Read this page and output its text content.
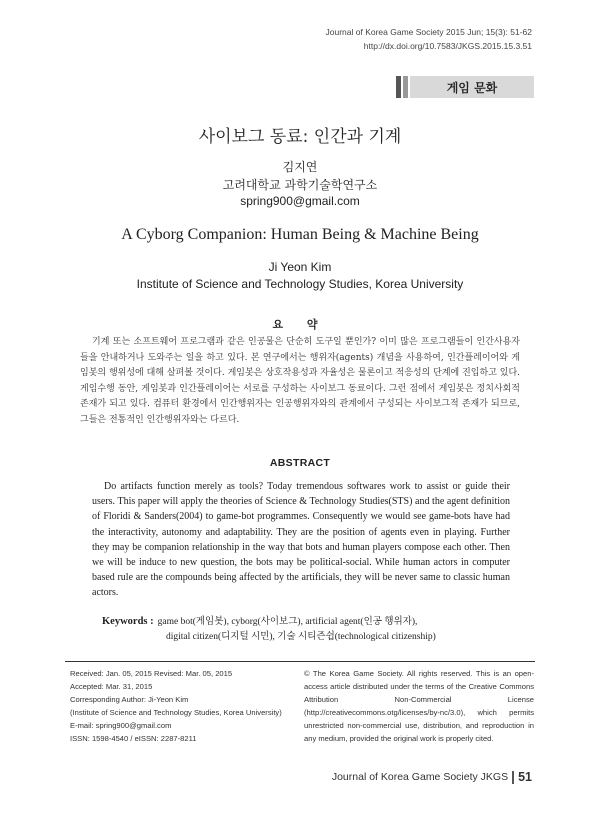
Journal of Korea Game Society 2015 Jun; 15(3): 51-62
http://dx.doi.org/10.7583/JKGS.2015.15.3.51
게임 문화
사이보그 동료: 인간과 기계
김지연
고려대학교 과학기술학연구소
spring900@gmail.com
A Cyborg Companion: Human Being & Machine Being
Ji Yeon Kim
Institute of Science and Technology Studies, Korea University
요 약
기계 또는 소프트웨어 프로그램과 같은 인공물은 단순히 도구일 뿐인가? 이미 많은 프로그램들이 인간사용자들을 안내하거나 도와주는 일을 하고 있다. 본 연구에서는 행위자(agents) 개념을 사용하여, 인간플레이어와 게임봇의 행위성에 대해 살펴볼 것이다. 게임봇은 상호작용성과 자율성은 물론이고 적응성의 단계에 진입하고 있다. 게임수행 동안, 게임봇과 인간플레이어는 서로를 구성하는 사이보그 동료이다. 그런 점에서 게임봇은 정치사회적 존재가 되고 있다. 컴퓨터 환경에서 인간행위자는 인공행위자와의 관계에서 구성되는 사이보그적 존재가 되므로, 그들은 전통적인 인간행위자와는 다르다.
ABSTRACT
Do artifacts function merely as tools? Today tremendous softwares work to assist or guide their users. This paper will apply the theories of Science & Technology Studies(STS) and the agent definition of Floridi & Sanders(2004) to game-bot programmes. Consequently we would see game-bots have had the interactivity, autonomy and adaptability. They are the position of agents even in playing. Further they may be companion relationship in the way that bots and human players compose each other. Then we will be induce to new question, the bots may be political-social. While human actors in computer based rule are the compounds being affected by the artificials, they will be never same to classic human actors.
Keywords : game bot(게임봇), cyborg(사이보그), artificial agent(인공 행위자),
digital citizen(디지털 시민), 기술 시티즌쉽(technological citizenship)
Received: Jan. 05, 2015 Revised: Mar. 05, 2015
Accepted: Mar. 31, 2015
Corresponding Author: Ji-Yeon Kim
(Institute of Science and Technology Studies, Korea University)
E-mail: spring900@gmail.com
ISSN: 1598-4540 / eISSN: 2287-8211
© The Korea Game Society. All rights reserved. This is an open-access article distributed under the terms of the Creative Commons Attribution Non-Commercial License (http://creativecommons.otg/licenses/by-nc/3.0), which permits unrestricted non-commercial use, distribution, and reproduction in any medium, provided the original work is properly cited.
Journal of Korea Game Society JKGS 51
